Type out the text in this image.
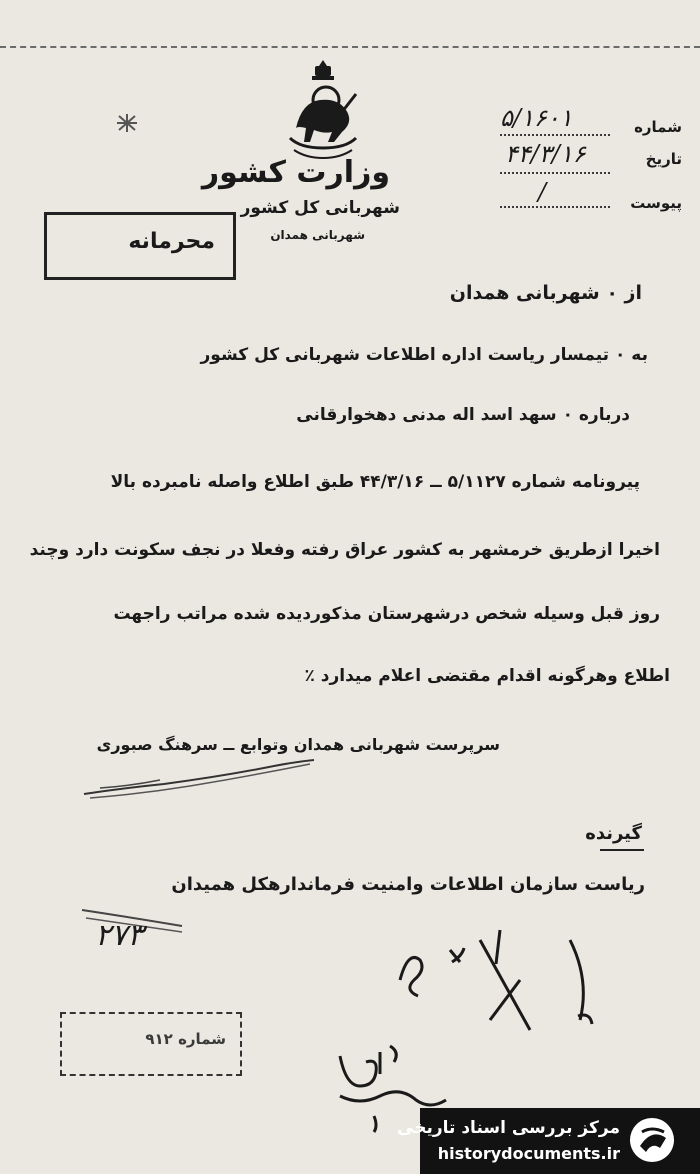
وزارت کشور
شهربانی کل کشور
شهربانی همدان
شماره
۵/۱۶۰۱
تاریخ
۴۴/۳/۱۶
پیوست
/
محرمانه
از ۰ شهربانی همدان
به ۰ تیمسار ریاست اداره اطلاعات شهربانی کل کشور
درباره ۰ سهد اسد اله مدنی دهخوارقانی
پیرونامه شماره ۵/۱۱۲۷ ــ ۴۴/۳/۱۶ طبق اطلاع واصله نامبرده بالا
اخیرا ازطریق خرمشهر به کشور عراق رفته وفعلا در نجف سکونت دارد وچند
روز قبل وسیله شخص درشهرستان مذکوردیده شده مراتب راجهت
اطلاع وهرگونه اقدام مقتضی اعلام میدارد ٪
سرپرست شهربانی همدان وتوابع ــ سرهنگ صبوری
گیرنده
ریاست سازمان اطلاعات وامنیت فرماندارهکل همیدان
۲۷۳
شماره ۹۱۲
مرکز بررسی اسناد تاریخی
historydocuments.ir
